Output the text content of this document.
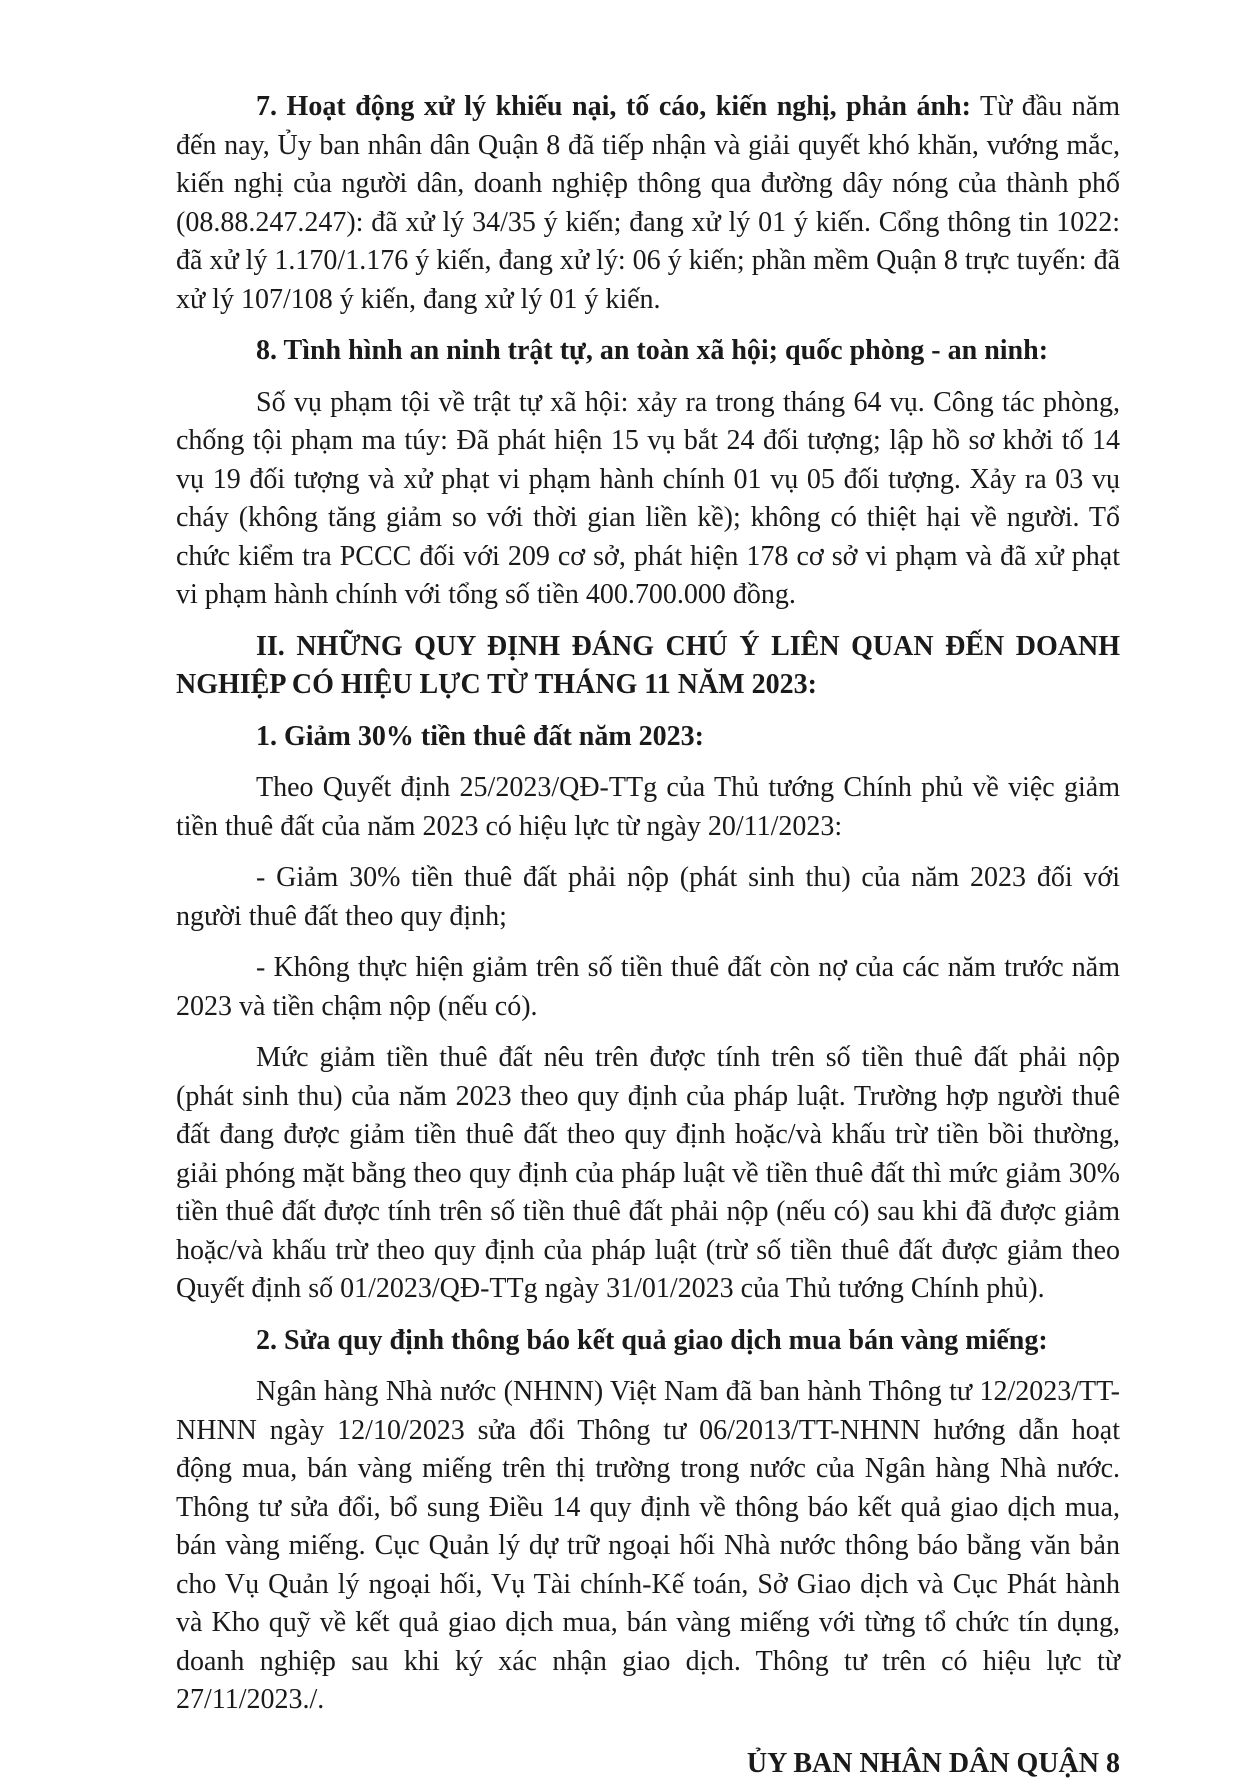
7. Hoạt động xử lý khiếu nại, tố cáo, kiến nghị, phản ánh: Từ đầu năm đến nay, Ủy ban nhân dân Quận 8 đã tiếp nhận và giải quyết khó khăn, vướng mắc, kiến nghị của người dân, doanh nghiệp thông qua đường dây nóng của thành phố (08.88.247.247): đã xử lý 34/35 ý kiến; đang xử lý 01 ý kiến. Cổng thông tin 1022: đã xử lý 1.170/1.176 ý kiến, đang xử lý: 06 ý kiến; phần mềm Quận 8 trực tuyến: đã xử lý 107/108 ý kiến, đang xử lý 01 ý kiến.

8. Tình hình an ninh trật tự, an toàn xã hội; quốc phòng - an ninh:

Số vụ phạm tội về trật tự xã hội: xảy ra trong tháng 64 vụ. Công tác phòng, chống tội phạm ma túy: Đã phát hiện 15 vụ bắt 24 đối tượng; lập hồ sơ khởi tố 14 vụ 19 đối tượng và xử phạt vi phạm hành chính 01 vụ 05 đối tượng. Xảy ra 03 vụ cháy (không tăng giảm so với thời gian liền kề); không có thiệt hại về người. Tổ chức kiểm tra PCCC đối với 209 cơ sở, phát hiện 178 cơ sở vi phạm và đã xử phạt vi phạm hành chính với tổng số tiền 400.700.000 đồng.

II. NHỮNG QUY ĐỊNH ĐÁNG CHÚ Ý LIÊN QUAN ĐẾN DOANH NGHIỆP CÓ HIỆU LỰC TỪ THÁNG 11 NĂM 2023:

1. Giảm 30% tiền thuê đất năm 2023:

Theo Quyết định 25/2023/QĐ-TTg của Thủ tướng Chính phủ về việc giảm tiền thuê đất của năm 2023 có hiệu lực từ ngày 20/11/2023:

- Giảm 30% tiền thuê đất phải nộp (phát sinh thu) của năm 2023 đối với người thuê đất theo quy định;

- Không thực hiện giảm trên số tiền thuê đất còn nợ của các năm trước năm 2023 và tiền chậm nộp (nếu có).

Mức giảm tiền thuê đất nêu trên được tính trên số tiền thuê đất phải nộp (phát sinh thu) của năm 2023 theo quy định của pháp luật. Trường hợp người thuê đất đang được giảm tiền thuê đất theo quy định hoặc/và khấu trừ tiền bồi thường, giải phóng mặt bằng theo quy định của pháp luật về tiền thuê đất thì mức giảm 30% tiền thuê đất được tính trên số tiền thuê đất phải nộp (nếu có) sau khi đã được giảm hoặc/và khấu trừ theo quy định của pháp luật (trừ số tiền thuê đất được giảm theo Quyết định số 01/2023/QĐ-TTg ngày 31/01/2023 của Thủ tướng Chính phủ).

2. Sửa quy định thông báo kết quả giao dịch mua bán vàng miếng:

Ngân hàng Nhà nước (NHNN) Việt Nam đã ban hành Thông tư 12/2023/TT-NHNN ngày 12/10/2023 sửa đổi Thông tư 06/2013/TT-NHNN hướng dẫn hoạt động mua, bán vàng miếng trên thị trường trong nước của Ngân hàng Nhà nước. Thông tư sửa đổi, bổ sung Điều 14 quy định về thông báo kết quả giao dịch mua, bán vàng miếng. Cục Quản lý dự trữ ngoại hối Nhà nước thông báo bằng văn bản cho Vụ Quản lý ngoại hối, Vụ Tài chính-Kế toán, Sở Giao dịch và Cục Phát hành và Kho quỹ về kết quả giao dịch mua, bán vàng miếng với từng tổ chức tín dụng, doanh nghiệp sau khi ký xác nhận giao dịch. Thông tư trên có hiệu lực từ 27/11/2023./.

ỦY BAN NHÂN DÂN QUẬN 8
